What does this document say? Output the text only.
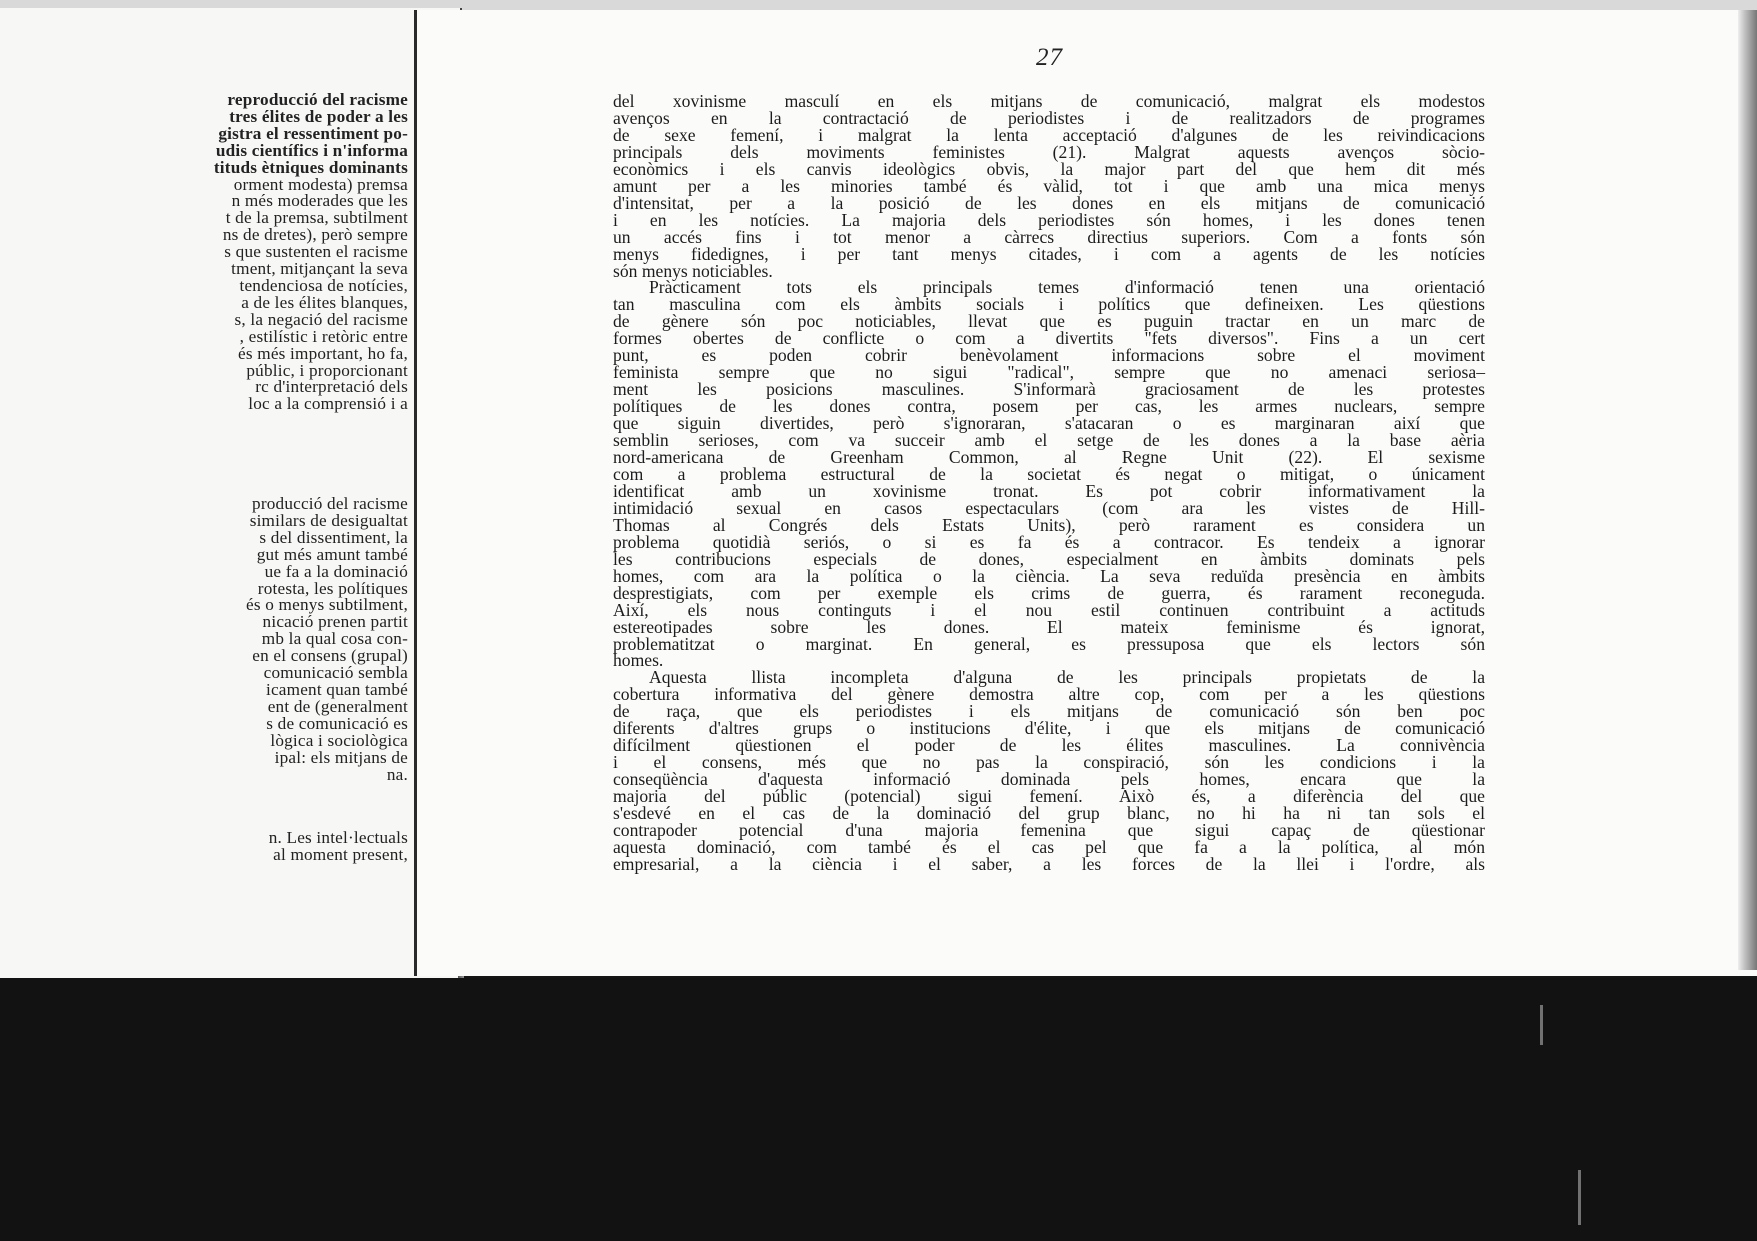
reproducció del racisme
tres élites de poder a les
gistra el ressentiment po-
udis científics i n'informa
tituds ètniques dominants
orment modesta) premsa
n més moderades que les
t de la premsa, subtilment
ns de dretes), però sempre
s que sustenten el racisme
tment, mitjançant la seva
tendenciosa de notícies,
a de les élites blanques,
s, la negació del racisme
, estilístic i retòric entre
és més important, ho fa,
públic, i proporcionant
rc d'interpretació dels
loc a la comprensió i a
producció del racisme
similars de desigualtat
s del dissentiment, la
gut més amunt també
ue fa a la dominació
rotesta, les polítiques
és o menys subtilment,
nicació prenen partit
mb la qual cosa con-
en el consens (grupal)
comunicació sembla
icament quan també
ent de (generalment
s de comunicació es
lògica i sociològica
ipal: els mitjans de
na.
n. Les intel·lectuals
al moment present,
27
del xovinisme masculí en els mitjans de comunicació, malgrat els modestos
avenços en la contractació de periodistes i de realitzadors de programes
de sexe femení, i malgrat la lenta acceptació d'algunes de les reivindicacions
principals dels moviments feministes (21). Malgrat aquests avenços sòcio-
econòmics i els canvis ideològics obvis, la major part del que hem dit més
amunt per a les minories també és vàlid, tot i que amb una mica menys
d'intensitat, per a la posició de les dones en els mitjans de comunicació
i en les notícies. La majoria dels periodistes són homes, i les dones tenen
un accés fins i tot menor a càrrecs directius superiors. Com a fonts són
menys fidedignes, i per tant menys citades, i com a agents de les notícies
són menys noticiables.
Pràcticament tots els principals temes d'informació tenen una orientació
tan masculina com els àmbits socials i polítics que defineixen. Les qüestions
de gènere són poc noticiables, llevat que es puguin tractar en un marc de
formes obertes de conflicte o com a divertits "fets diversos". Fins a un cert
punt, es poden cobrir benèvolament informacions sobre el moviment
feminista sempre que no sigui "radical", sempre que no amenaci seriosa–
ment les posicions masculines. S'informarà graciosament de les protestes
polítiques de les dones contra, posem per cas, les armes nuclears, sempre
que siguin divertides, però s'ignoraran, s'atacaran o es marginaran així que
semblin serioses, com va succeir amb el setge de les dones a la base aèria
nord-americana de Greenham Common, al Regne Unit (22). El sexisme
com a problema estructural de la societat és negat o mitigat, o únicament
identificat amb un xovinisme tronat. Es pot cobrir informativament la
intimidació sexual en casos espectaculars (com ara les vistes de Hill-
Thomas al Congrés dels Estats Units), però rarament es considera un
problema quotidià seriós, o si es fa és a contracor. Es tendeix a ignorar
les contribucions especials de dones, especialment en àmbits dominats pels
homes, com ara la política o la ciència. La seva reduïda presència en àmbits
desprestigiats, com per exemple els crims de guerra, és rarament reconeguda.
Així, els nous continguts i el nou estil continuen contribuint a actituds
estereotipades sobre les dones. El mateix feminisme és ignorat,
problematitzat o marginat. En general, es pressuposa que els lectors són
homes.
Aquesta llista incompleta d'alguna de les principals propietats de la
cobertura informativa del gènere demostra altre cop, com per a les qüestions
de raça, que els periodistes i els mitjans de comunicació són ben poc
diferents d'altres grups o institucions d'élite, i que els mitjans de comunicació
difícilment qüestionen el poder de les élites masculines. La connivència
i el consens, més que no pas la conspiració, són les condicions i la
conseqüència d'aquesta informació dominada pels homes, encara que la
majoria del públic (potencial) sigui femení. Això és, a diferència del que
s'esdevé en el cas de la dominació del grup blanc, no hi ha ni tan sols el
contrapoder potencial d'una majoria femenina que sigui capaç de qüestionar
aquesta dominació, com també és el cas pel que fa a la política, al món
empresarial, a la ciència i el saber, a les forces de la llei i l'ordre, als
